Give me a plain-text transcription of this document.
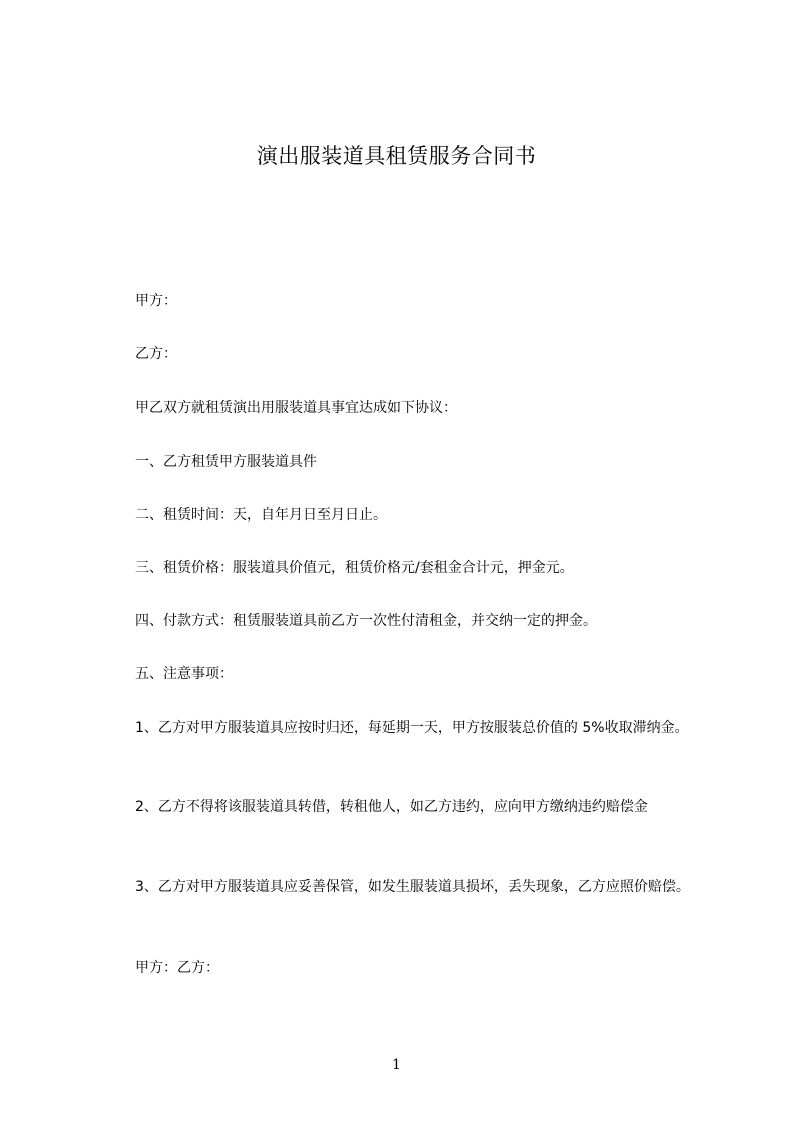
演出服装道具租赁服务合同书
甲方：
乙方：
甲乙双方就租赁演出用服装道具事宜达成如下协议：
一、乙方租赁甲方服装道具件
二、租赁时间：天，自年月日至月日止。
三、租赁价格：服装道具价值元，租赁价格元/套租金合计元，押金元。
四、付款方式：租赁服装道具前乙方一次性付清租金，并交纳一定的押金。
五、注意事项：
1、乙方对甲方服装道具应按时归还，每延期一天，甲方按服装总价值的 5%收取滞纳金。
2、乙方不得将该服装道具转借，转租他人，如乙方违约，应向甲方缴纳违约赔偿金
3、乙方对甲方服装道具应妥善保管，如发生服装道具损坏，丢失现象，乙方应照价赔偿。
甲方：乙方：
1
